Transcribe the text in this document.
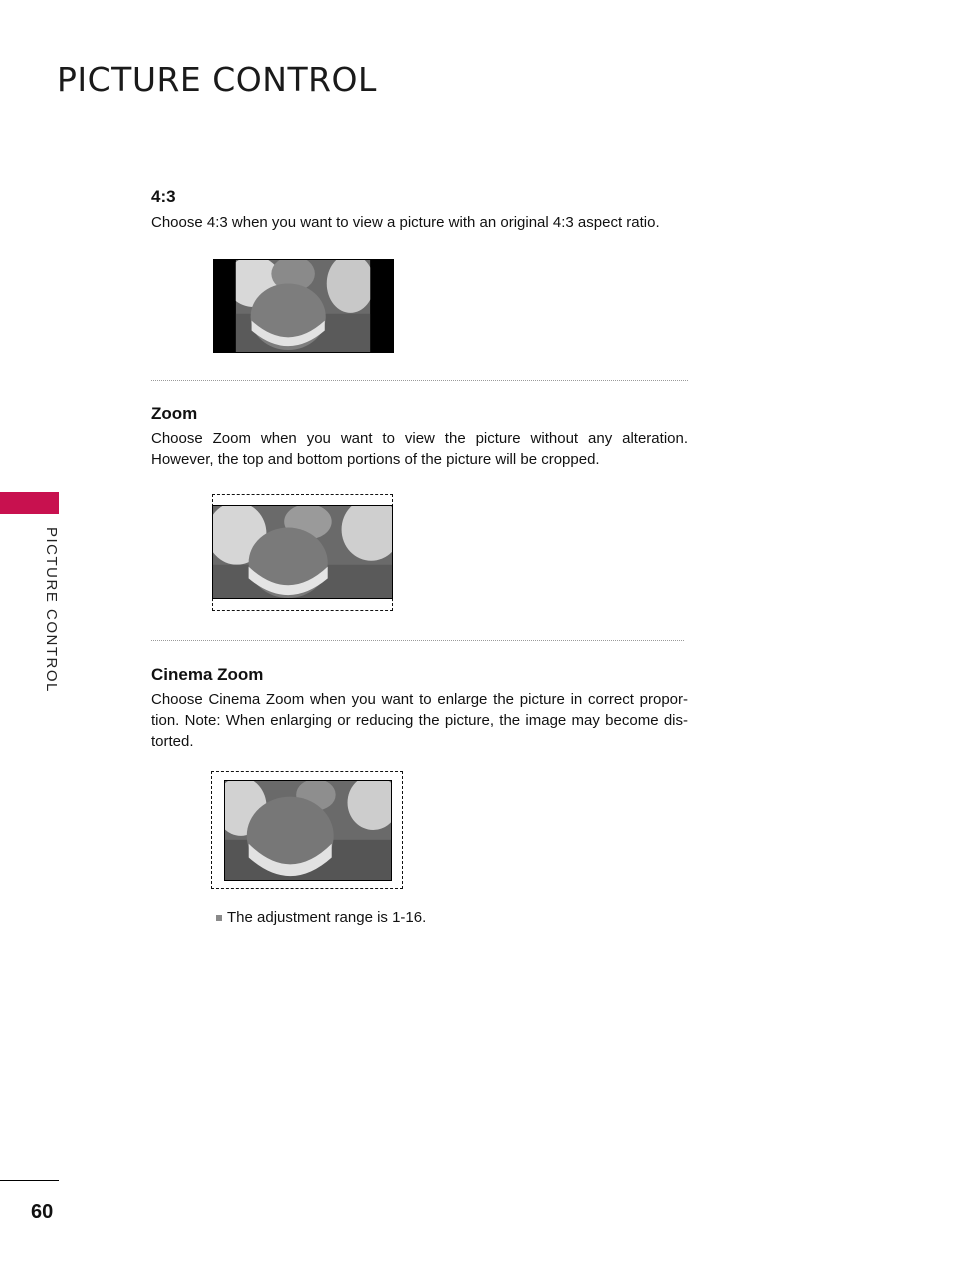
PICTURE CONTROL
PICTURE CONTROL
4:3

Choose 4:3 when you want to view a picture with an original 4:3 aspect ratio.

Zoom

Choose Zoom when you want to view the picture without any alteration. However, the top and bottom portions of the picture will be cropped.

Cinema Zoom

Choose Cinema Zoom when you want to enlarge the picture in correct propor-tion. Note: When enlarging or reducing the picture, the image may become dis-torted.

The adjustment range is 1-16.
60
